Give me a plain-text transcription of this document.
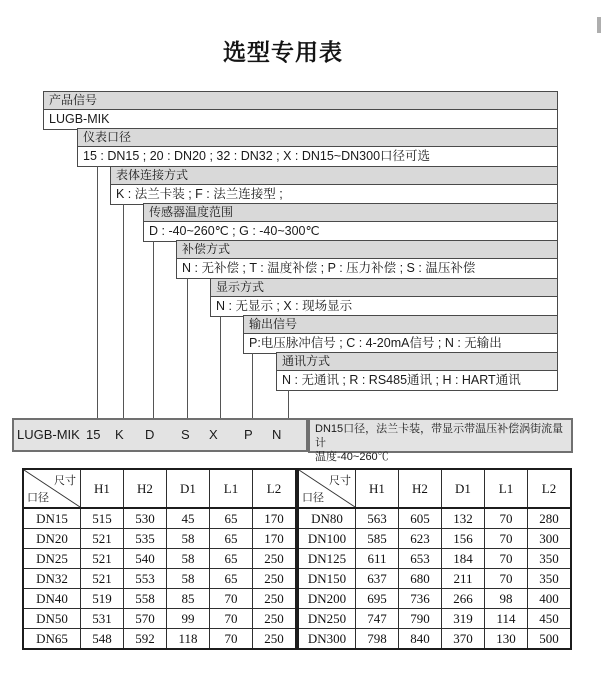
选型专用表
产品信号
LUGB-MIK
仪表口径
15 : DN15 ; 20 : DN20 ; 32 : DN32 ; X : DN15~DN300口径可选
表体连接方式
K : 法兰卡装 ; F : 法兰连接型 ;
传感器温度范围
D : -40~260℃ ; G : -40~300℃
补偿方式
N : 无补偿 ; T : 温度补偿 ; P : 压力补偿 ; S : 温压补偿
显示方式
N : 无显示 ; X : 现场显示
输出信号
P:电压脉冲信号 ; C : 4-20mA信号 ; N : 无输出
通讯方式
N : 无通讯 ; R : RS485通讯 ; H : HART通讯
LUGB-MIK 15 K D S X P N	DN15口径，法兰卡装，带显示带温压补偿涡街流量计
温度-40~260℃
尺寸
口径	H1	H2	D1	L1	L2
DN15	515	530	45	65	170
DN20	521	535	58	65	170
DN25	521	540	58	65	250
DN32	521	553	58	65	250
DN40	519	558	85	70	250
DN50	531	570	99	70	250
DN65	548	592	118	70	250
尺寸
口径	H1	H2	D1	L1	L2
DN80	563	605	132	70	280
DN100	585	623	156	70	300
DN125	611	653	184	70	350
DN150	637	680	211	70	350
DN200	695	736	266	98	400
DN250	747	790	319	114	450
DN300	798	840	370	130	500
